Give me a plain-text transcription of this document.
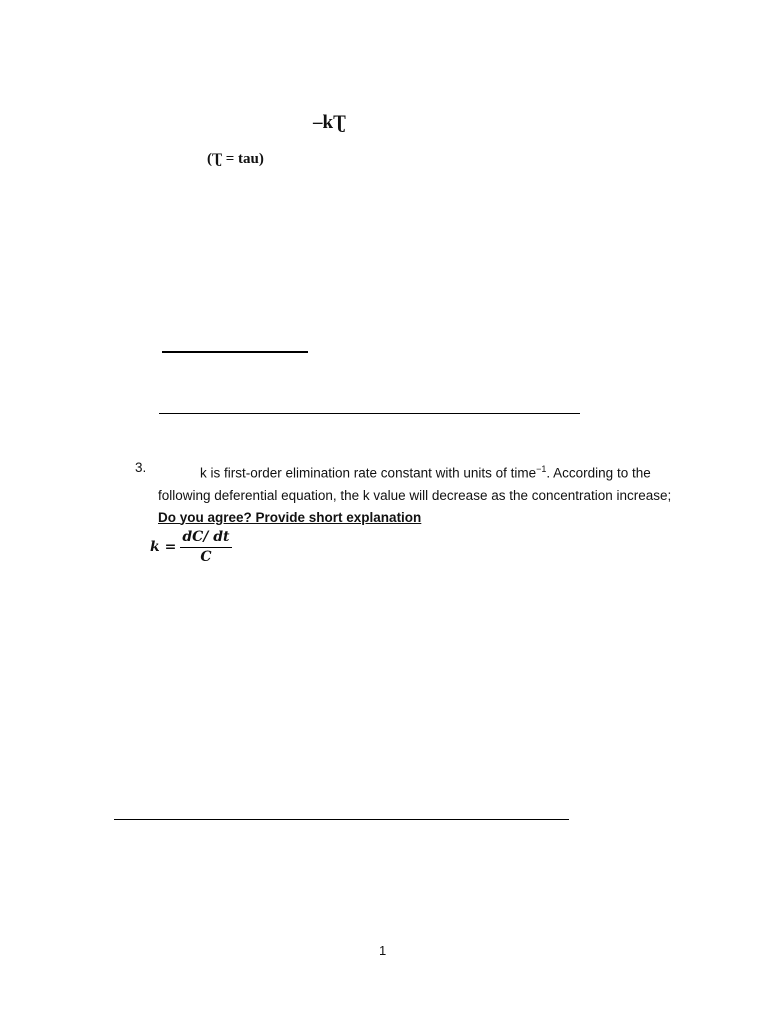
–kƮ
(Ʈ = tau)
3.	k is first-order elimination rate constant with units of time$^{-1}$. According to the following deferential equation, the k value will decrease as the concentration increase; Do you agree? Provide short explanation
$k = \frac{dC/ dt}{C}$
1
